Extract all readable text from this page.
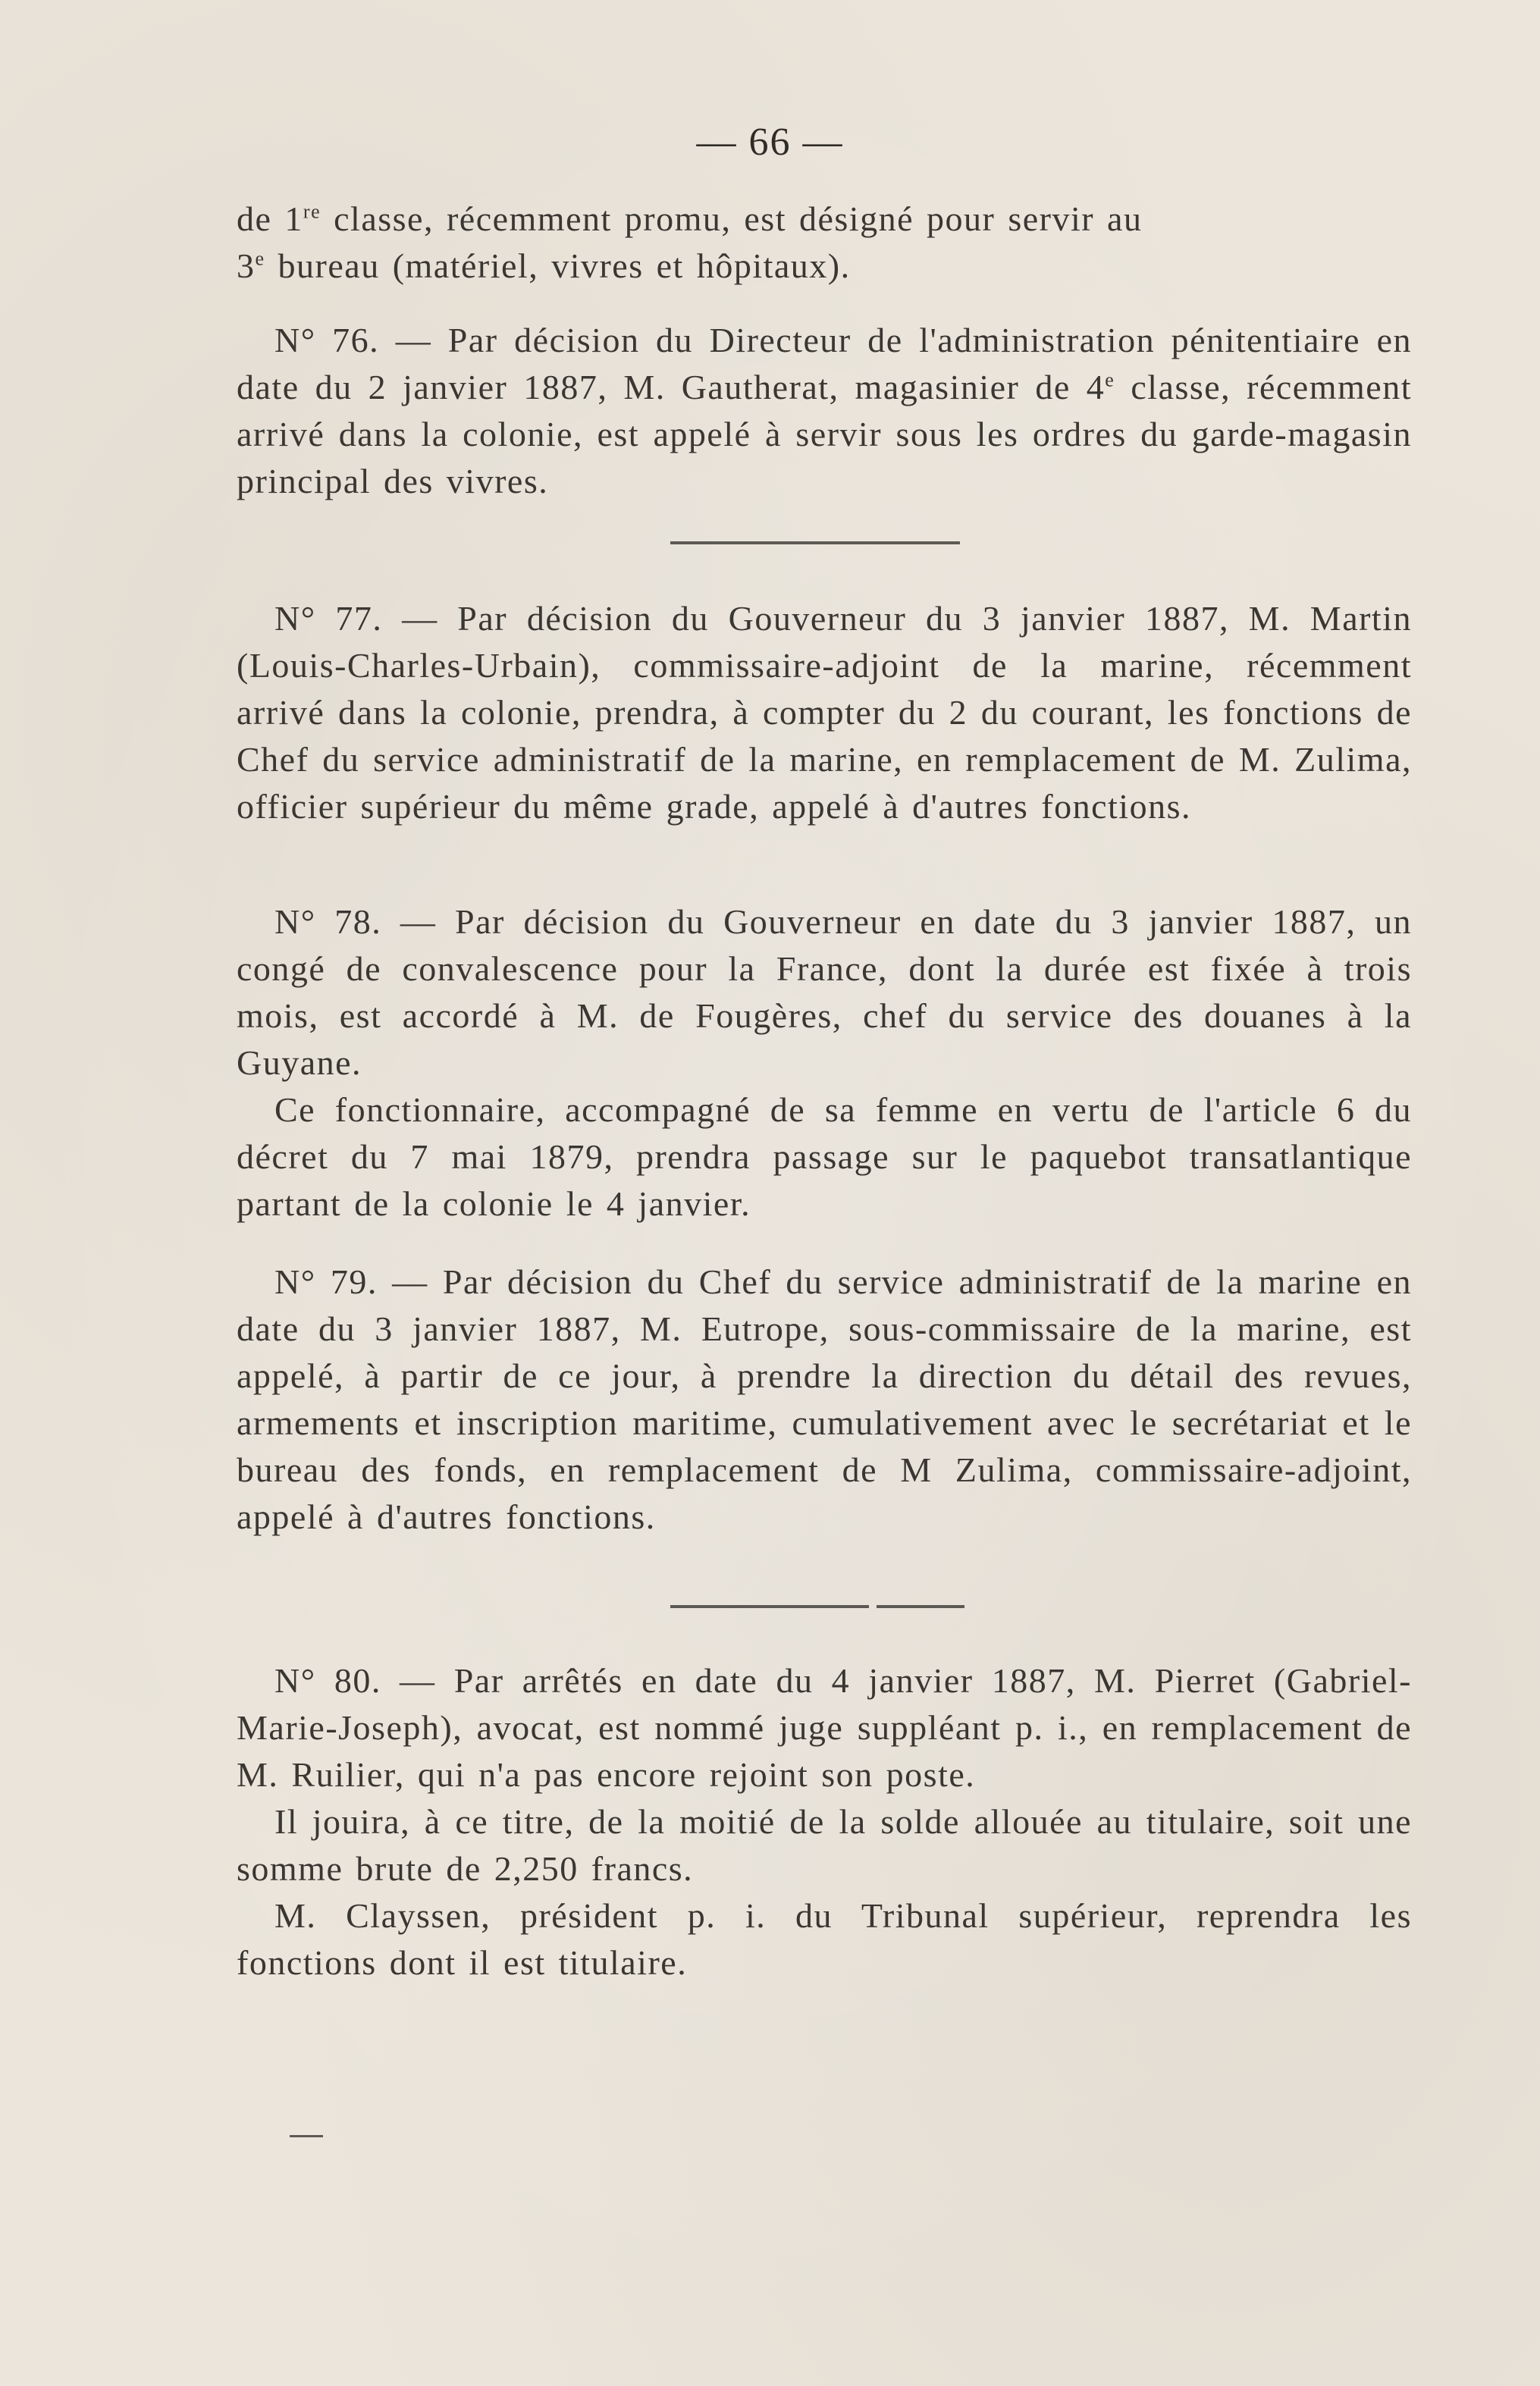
— 66 —

de 1re classe, récemment promu, est désigné pour servir au

3e bureau (matériel, vivres et hôpitaux).

N° 76. — Par décision du Directeur de l'administration pénitentiaire en date du 2 janvier 1887, M. Gautherat, magasinier de 4e classe, récemment arrivé dans la colonie, est appelé à servir sous les ordres du garde-magasin principal des vivres.

N° 77. — Par décision du Gouverneur du 3 janvier 1887, M. Martin (Louis-Charles-Urbain), commissaire-adjoint de la marine, récemment arrivé dans la colonie, prendra, à compter du 2 du courant, les fonctions de Chef du service administratif de la marine, en remplacement de M. Zulima, officier supérieur du même grade, appelé à d'autres fonctions.

N° 78. — Par décision du Gouverneur en date du 3 janvier 1887, un congé de convalescence pour la France, dont la durée est fixée à trois mois, est accordé à M. de Fougères, chef du service des douanes à la Guyane.

Ce fonctionnaire, accompagné de sa femme en vertu de l'article 6 du décret du 7 mai 1879, prendra passage sur le paquebot transatlantique partant de la colonie le 4 janvier.

N° 79. — Par décision du Chef du service administratif de la marine en date du 3 janvier 1887, M. Eutrope, sous-commissaire de la marine, est appelé, à partir de ce jour, à prendre la direction du détail des revues, armements et inscription maritime, cumulativement avec le secrétariat et le bureau des fonds, en remplacement de M Zulima, commissaire-adjoint, appelé à d'autres fonctions.

N° 80. — Par arrêtés en date du 4 janvier 1887, M. Pierret (Gabriel-Marie-Joseph), avocat, est nommé juge suppléant p. i., en remplacement de M. Ruilier, qui n'a pas encore rejoint son poste.

Il jouira, à ce titre, de la moitié de la solde allouée au titulaire, soit une somme brute de 2,250 francs.

M. Clayssen, président p. i. du Tribunal supérieur, reprendra les fonctions dont il est titulaire.
